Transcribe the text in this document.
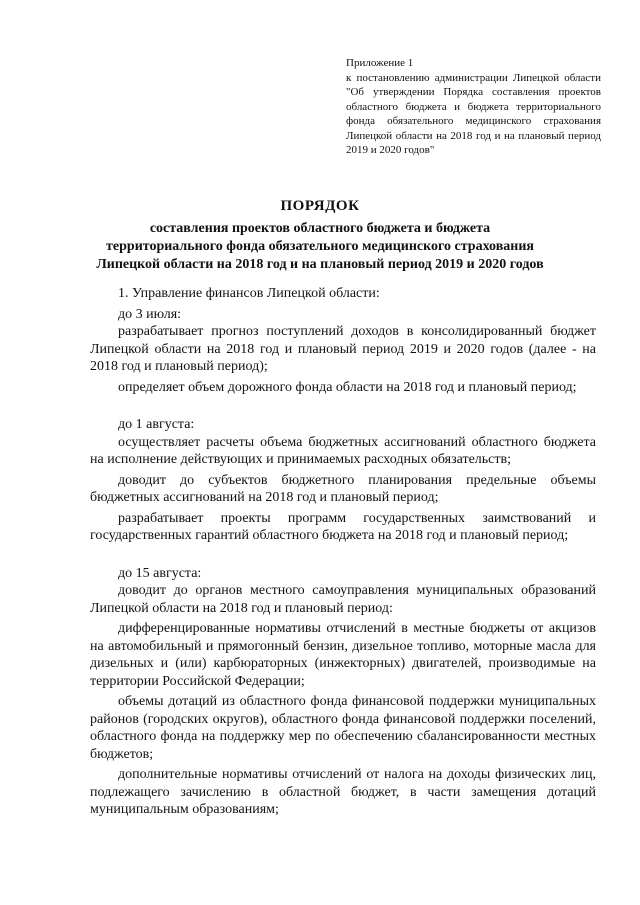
Приложение 1
к постановлению администрации Липецкой области "Об утверждении Порядка составления проектов областного бюджета и бюджета территориального фонда обязательного медицинского страхования Липецкой области на 2018 год и на плановый период 2019 и 2020 годов"
ПОРЯДОК
составления проектов областного бюджета и бюджета
территориального фонда обязательного медицинского страхования
Липецкой области на 2018 год и на плановый период 2019 и 2020 годов

1. Управление финансов Липецкой области:

до 3 июля:

разрабатывает прогноз поступлений доходов в консолидированный бюджет Липецкой области на 2018 год и плановый период 2019 и 2020 годов (далее - на 2018 год и плановый период);

определяет объем дорожного фонда области на 2018 год и плановый период;

до 1 августа:

осуществляет расчеты объема бюджетных ассигнований областного бюджета на исполнение действующих и принимаемых расходных обязательств;

доводит до субъектов бюджетного планирования предельные объемы бюджетных ассигнований на 2018 год и плановый период;

разрабатывает проекты программ государственных заимствований и государственных гарантий областного бюджета на 2018 год и плановый период;

до 15 августа:

доводит до органов местного самоуправления муниципальных образований Липецкой области на 2018 год и плановый период:

дифференцированные нормативы отчислений в местные бюджеты от акцизов на автомобильный и прямогонный бензин, дизельное топливо, моторные масла для дизельных и (или) карбюраторных (инжекторных) двигателей, производимые на территории Российской Федерации;

объемы дотаций из областного фонда финансовой поддержки муниципальных районов (городских округов), областного фонда финансовой поддержки поселений, областного фонда на поддержку мер по обеспечению сбалансированности местных бюджетов;

дополнительные нормативы отчислений от налога на доходы физических лиц, подлежащего зачислению в областной бюджет, в части замещения дотаций муниципальным образованиям;
